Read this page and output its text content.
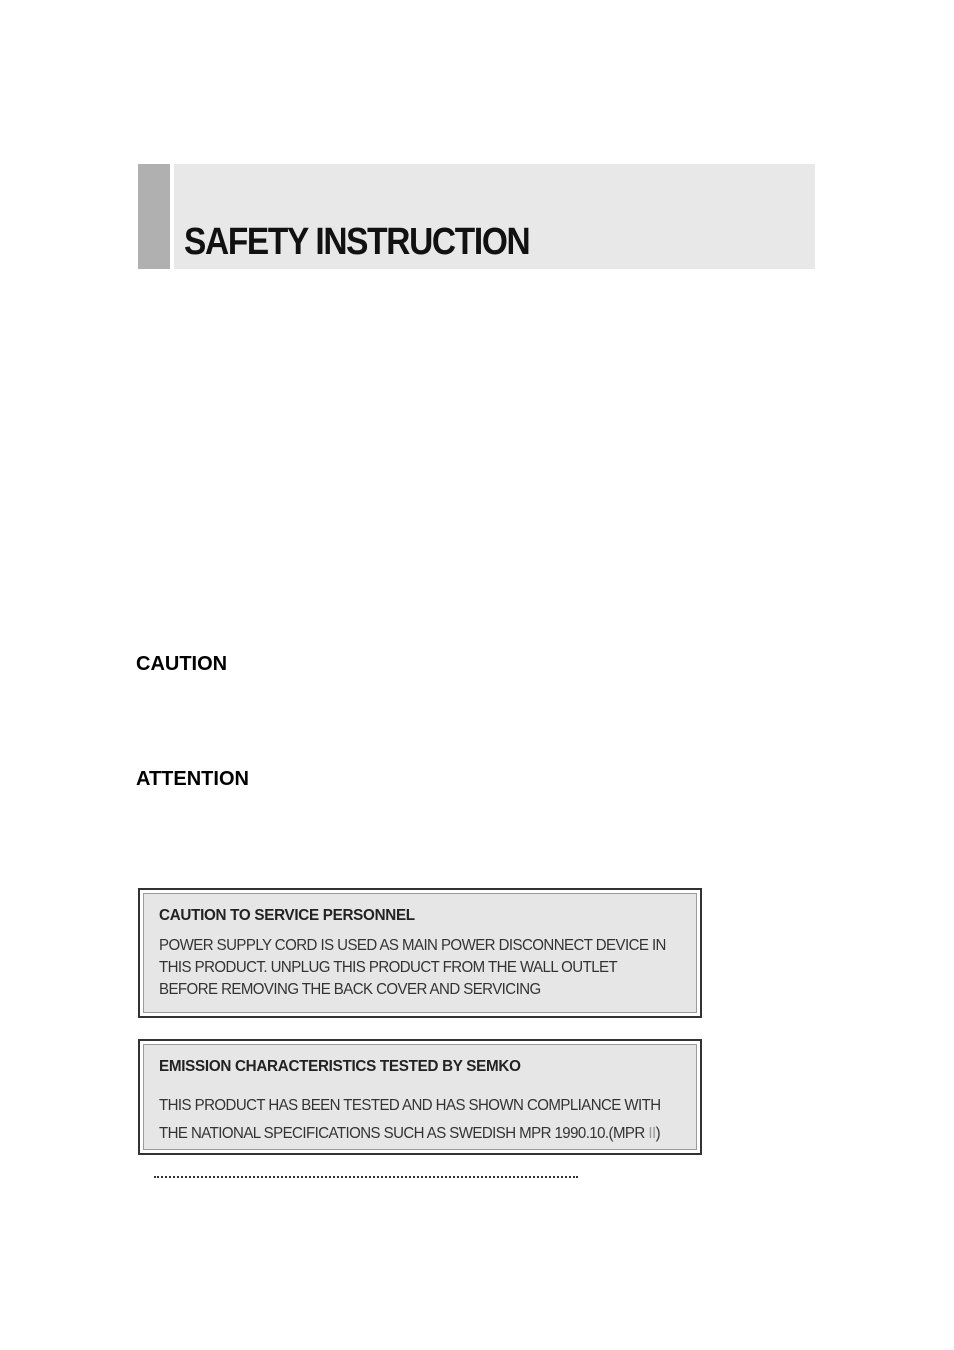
SAFETY INSTRUCTION
CAUTION
ATTENTION
CAUTION TO SERVICE PERSONNEL
POWER SUPPLY CORD IS USED AS MAIN POWER DISCONNECT DEVICE IN
THIS PRODUCT. UNPLUG THIS PRODUCT FROM THE WALL OUTLET
BEFORE REMOVING THE BACK COVER AND SERVICING
EMISSION CHARACTERISTICS TESTED BY SEMKO
THIS PRODUCT HAS BEEN TESTED AND HAS SHOWN COMPLIANCE WITH
THE NATIONAL SPECIFICATIONS SUCH AS SWEDISH MPR 1990.10.(MPR II)
